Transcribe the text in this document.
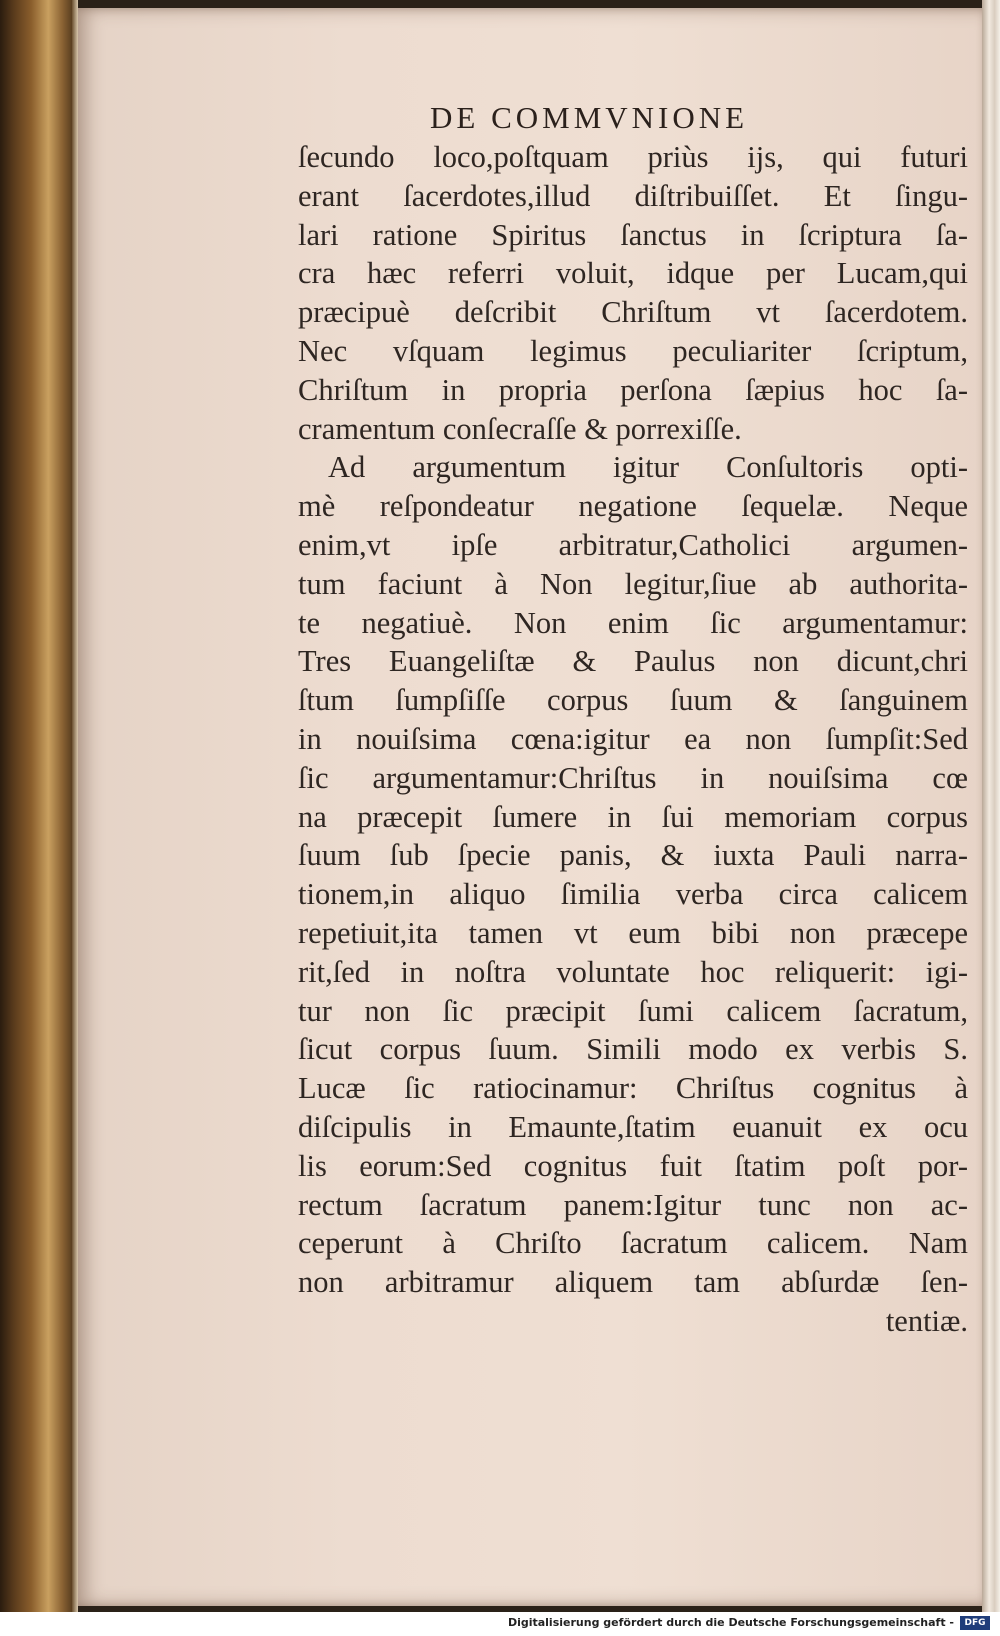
DE COMMVNIONE
ſecundo loco,poſtquam priùs ijs, qui futuri
erant ſacerdotes,illud diſtribuiſſet. Et ſingu-
lari ratione Spiritus ſanctus in ſcriptura ſa-
cra hæc referri voluit, idque per Lucam,qui
præcipuè deſcribit Chriſtum vt ſacerdotem.
Nec vſquam legimus peculiariter ſcriptum,
Chriſtum in propria perſona ſæpius hoc ſa-
cramentum conſecraſſe & porrexiſſe.
Ad argumentum igitur Conſultoris opti-
mè reſpondeatur negatione ſequelæ. Neque
enim,vt ipſe arbitratur,Catholici argumen-
tum faciunt à Non legitur,ſiue ab authorita-
te negatiuè. Non enim ſic argumentamur:
Tres Euangeliſtæ & Paulus non dicunt,chri
ſtum ſumpſiſſe corpus ſuum & ſanguinem
in nouiſsima cœna:igitur ea non ſumpſit:Sed
ſic argumentamur:Chriſtus in nouiſsima cœ
na præcepit ſumere in ſui memoriam corpus
ſuum ſub ſpecie panis, & iuxta Pauli narra-
tionem,in aliquo ſimilia verba circa calicem
repetiuit,ita tamen vt eum bibi non præcepe
rit,ſed in noſtra voluntate hoc reliquerit: igi-
tur non ſic præcipit ſumi calicem ſacratum,
ſicut corpus ſuum. Simili modo ex verbis S.
Lucæ ſic ratiocinamur: Chriſtus cognitus à
diſcipulis in Emaunte,ſtatim euanuit ex ocu
lis eorum:Sed cognitus fuit ſtatim poſt por-
rectum ſacratum panem:Igitur tunc non ac-
ceperunt à Chriſto ſacratum calicem. Nam
non arbitramur aliquem tam abſurdæ ſen-
tentiæ.
Digitalisierung gefördert durch die Deutsche Forschungsgemeinschaft -	DFG
